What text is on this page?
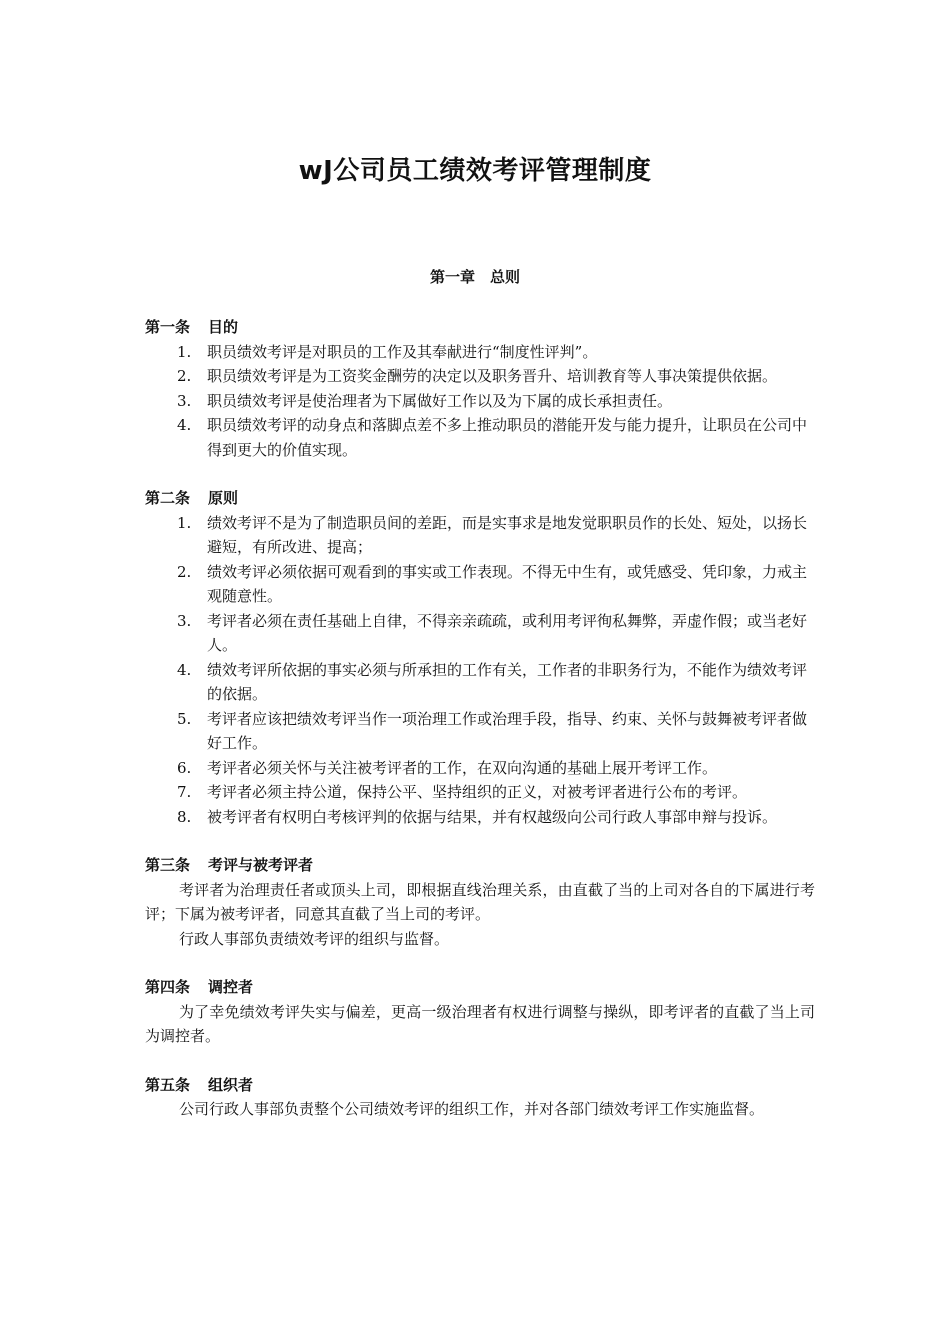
wJ公司员工绩效考评管理制度
第一章　总则
第一条 目的
1. 职员绩效考评是对职员的工作及其奉献进行“制度性评判”。
2. 职员绩效考评是为工资奖金酬劳的决定以及职务晋升、培训教育等人事决策提供依据。
3. 职员绩效考评是使治理者为下属做好工作以及为下属的成长承担责任。
4. 职员绩效考评的动身点和落脚点差不多上推动职员的潜能开发与能力提升，让职员在公司中得到更大的价值实现。
第二条 原则
1. 绩效考评不是为了制造职员间的差距，而是实事求是地发觉职职员作的长处、短处，以扬长避短，有所改进、提高；
2. 绩效考评必须依据可观看到的事实或工作表现。不得无中生有，或凭感受、凭印象，力戒主观随意性。
3. 考评者必须在责任基础上自律，不得亲亲疏疏，或利用考评徇私舞弊，弄虚作假；或当老好人。
4. 绩效考评所依据的事实必须与所承担的工作有关，工作者的非职务行为，不能作为绩效考评的依据。
5. 考评者应该把绩效考评当作一项治理工作或治理手段，指导、约束、关怀与鼓舞被考评者做好工作。
6. 考评者必须关怀与关注被考评者的工作，在双向沟通的基础上展开考评工作。
7. 考评者必须主持公道，保持公平、坚持组织的正义，对被考评者进行公布的考评。
8. 被考评者有权明白考核评判的依据与结果，并有权越级向公司行政人事部申辩与投诉。
第三条 考评与被考评者

考评者为治理责任者或顶头上司，即根据直线治理关系，由直截了当的上司对各自的下属进行考评；下属为被考评者，同意其直截了当上司的考评。

行政人事部负责绩效考评的组织与监督。

第四条 调控者

为了幸免绩效考评失实与偏差，更高一级治理者有权进行调整与操纵，即考评者的直截了当上司为调控者。

第五条 组织者

公司行政人事部负责整个公司绩效考评的组织工作，并对各部门绩效考评工作实施监督。
